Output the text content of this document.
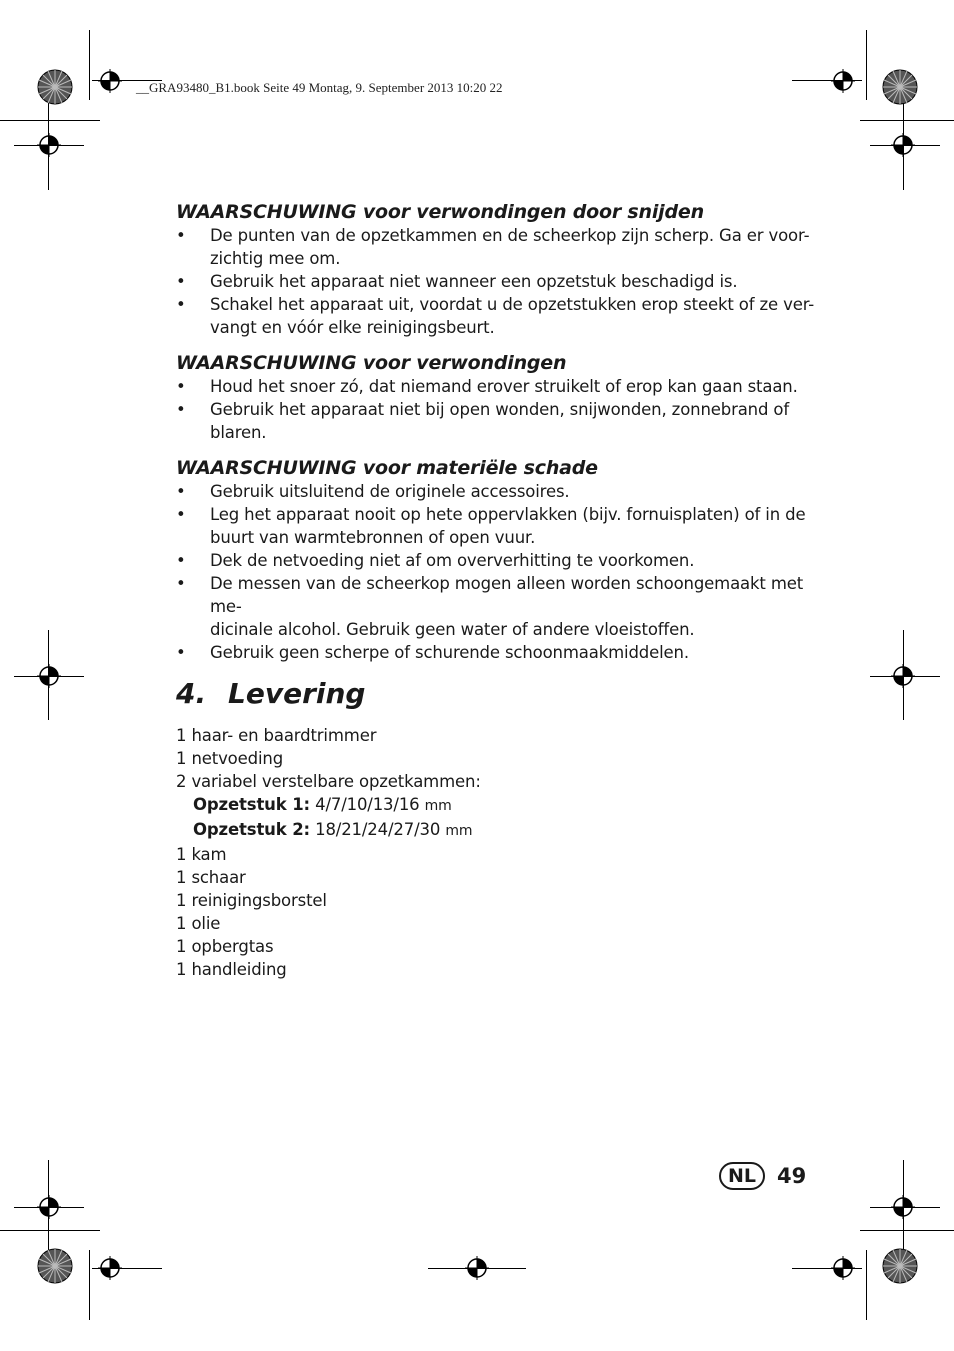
__GRA93480_B1.book Seite 49 Montag, 9. September 2013 10:20 22
WAARSCHUWING voor verwondingen door snijden
• De punten van de opzetkammen en de scheerkop zijn scherp. Ga er voor-
zichtig mee om.
• Gebruik het apparaat niet wanneer een opzetstuk beschadigd is.
• Schakel het apparaat uit, voordat u de opzetstukken erop steekt of ze ver-
vangt en vóór elke reinigingsbeurt.
WAARSCHUWING voor verwondingen
• Houd het snoer zó, dat niemand erover struikelt of erop kan gaan staan.
• Gebruik het apparaat niet bij open wonden, snijwonden, zonnebrand of
blaren.
WAARSCHUWING voor materiële schade
• Gebruik uitsluitend de originele accessoires.
• Leg het apparaat nooit op hete oppervlakken (bijv. fornuisplaten) of in de
buurt van warmtebronnen of open vuur.
• Dek de netvoeding niet af om oververhitting te voorkomen.
• De messen van de scheerkop mogen alleen worden schoongemaakt met me-
dicinale alcohol. Gebruik geen water of andere vloeistoffen.
• Gebruik geen scherpe of schurende schoonmaakmiddelen.
4. Levering
1 haar- en baardtrimmer
1 netvoeding
2 variabel verstelbare opzetkammen:
Opzetstuk 1: 4/7/10/13/16 mm
Opzetstuk 2: 18/21/24/27/30 mm
1 kam
1 schaar
1 reinigingsborstel
1 olie
1 opbergtas
1 handleiding
NL	49
